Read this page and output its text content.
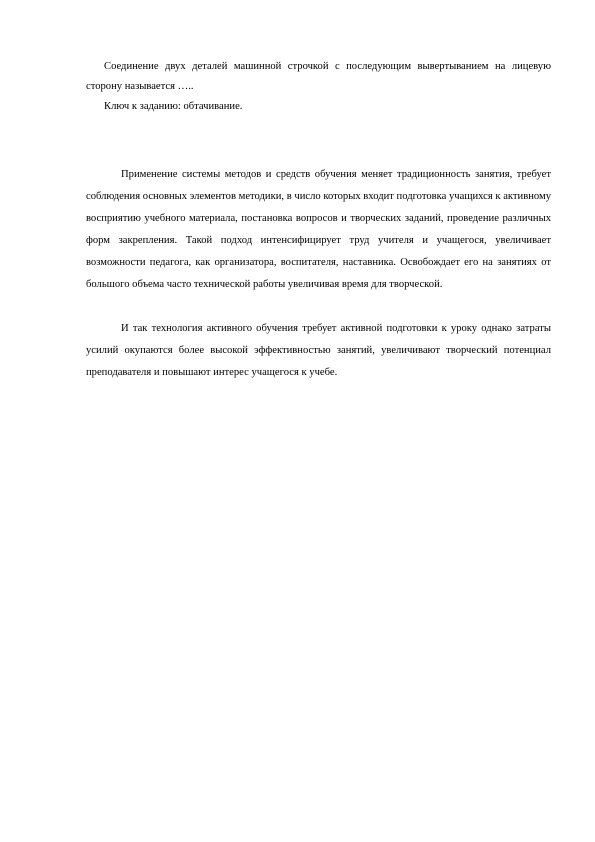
Соединение двух деталей машинной строчкой с последующим вывертыванием на лицевую сторону называется …..

Ключ к заданию: обтачивание.

Применение системы методов и средств обучения меняет традиционность занятия, требует соблюдения основных элементов методики, в число которых входит подготовка учащихся к активному восприятию учебного материала, постановка вопросов и творческих заданий, проведение различных форм закрепления. Такой подход интенсифицирует труд учителя и учащегося, увеличивает возможности педагога, как организатора, воспитателя, наставника. Освобождает его на занятиях от большого объема часто технической работы увеличивая время для творческой.

И так технология активного обучения требует активной подготовки к уроку однако затраты усилий окупаются более высокой эффективностью занятий, увеличивают творческий потенциал преподавателя и повышают интерес учащегося к учебе.
